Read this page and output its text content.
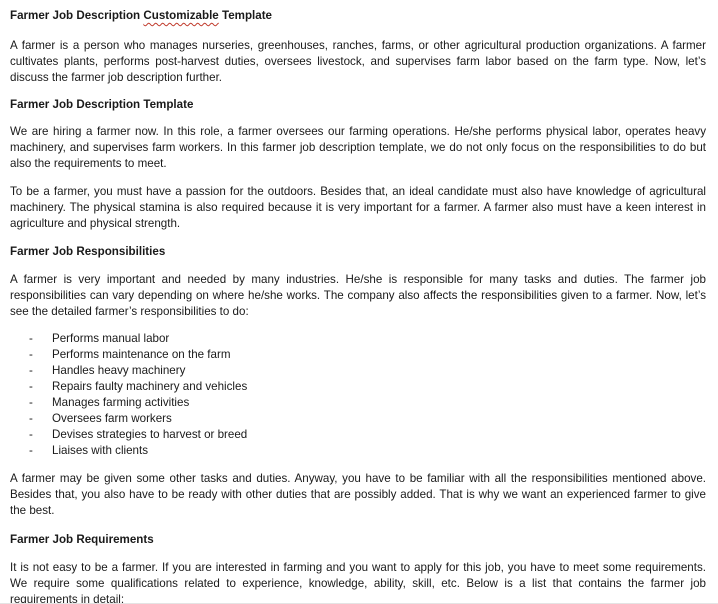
Farmer Job Description Customizable Template

A farmer is a person who manages nurseries, greenhouses, ranches, farms, or other agricultural production organizations. A farmer cultivates plants, performs post-harvest duties, oversees livestock, and supervises farm labor based on the farm type. Now, let’s discuss the farmer job description further.

Farmer Job Description Template

We are hiring a farmer now. In this role, a farmer oversees our farming operations. He/she performs physical labor, operates heavy machinery, and supervises farm workers. In this farmer job description template, we do not only focus on the responsibilities to do but also the requirements to meet.

To be a farmer, you must have a passion for the outdoors. Besides that, an ideal candidate must also have knowledge of agricultural machinery. The physical stamina is also required because it is very important for a farmer. A farmer also must have a keen interest in agriculture and physical strength.

Farmer Job Responsibilities

A farmer is very important and needed by many industries. He/she is responsible for many tasks and duties. The farmer job responsibilities can vary depending on where he/she works. The company also affects the responsibilities given to a farmer. Now, let’s see the detailed farmer’s responsibilities to do:

- Performs manual labor
- Performs maintenance on the farm
- Handles heavy machinery
- Repairs faulty machinery and vehicles
- Manages farming activities
- Oversees farm workers
- Devises strategies to harvest or breed
- Liaises with clients

A farmer may be given some other tasks and duties. Anyway, you have to be familiar with all the responsibilities mentioned above. Besides that, you also have to be ready with other duties that are possibly added. That is why we want an experienced farmer to give the best.

Farmer Job Requirements

It is not easy to be a farmer. If you are interested in farming and you want to apply for this job, you have to meet some requirements. We require some qualifications related to experience, knowledge, ability, skill, etc. Below is a list that contains the farmer job requirements in detail:
